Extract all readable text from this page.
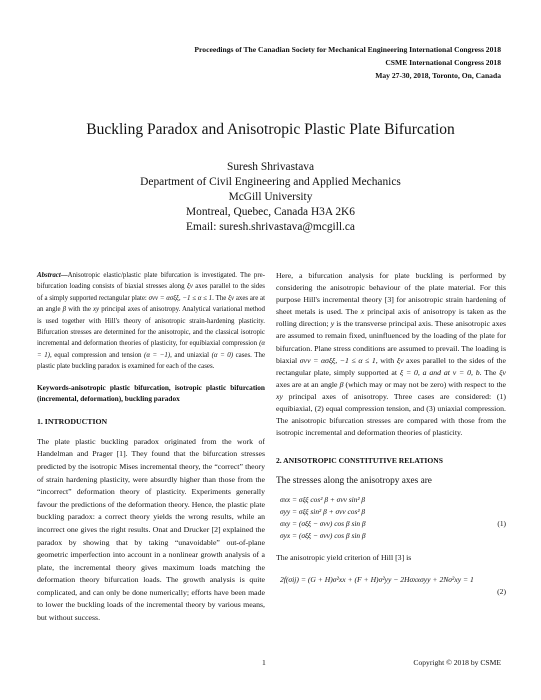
Proceedings of The Canadian Society for Mechanical Engineering International Congress 2018
CSME International Congress 2018
May 27-30, 2018, Toronto, On, Canada
Buckling Paradox and Anisotropic Plastic Plate Bifurcation
Suresh Shrivastava
Department of Civil Engineering and Applied Mechanics
McGill University
Montreal, Quebec, Canada H3A 2K6
Email: suresh.shrivastava@mcgill.ca

Abstract—Anisotropic elastic/plastic plate bifurcation is investigated. The pre-bifurcation loading consists of biaxial stresses along ξν axes parallel to the sides of a simply supported rectangular plate: σνν = ασξξ, −1 ≤ α ≤ 1. The ξν axes are at an angle β with the xy principal axes of anisotropy. Analytical variational method is used together with Hill's theory of anisotropic strain-hardening plasticity. Bifurcation stresses are determined for the anisotropic, and the classical isotropic incremental and deformation theories of plasticity, for equibiaxial compression (α = 1), equal compression and tension (α = −1), and uniaxial (α = 0) cases. The plastic plate buckling paradox is examined for each of the cases.

Keywords-anisotropic plastic bifurcation, isotropic plastic bifurcation (incremental, deformation), buckling paradox

1. INTRODUCTION

The plate plastic buckling paradox originated from the work of Handelman and Prager [1]. They found that the bifurcation stresses predicted by the isotropic Mises incremental theory, the “correct” theory of strain hardening plasticity, were absurdly higher than those from the “incorrect” deformation theory of plasticity. Experiments generally favour the predictions of the deformation theory. Hence, the plastic plate buckling paradox: a correct theory yields the wrong results, while an incorrect one gives the right results. Onat and Drucker [2] explained the paradox by showing that by taking “unavoidable” out-of-plane geometric imperfection into account in a nonlinear growth analysis of a plate, the incremental theory gives maximum loads matching the deformation theory bifurcation loads. The growth analysis is quite complicated, and can only be done numerically; efforts have been made to lower the buckling loads of the incremental theory by various means, but without success.

Here, a bifurcation analysis for plate buckling is performed by considering the anisotropic behaviour of the plate material. For this purpose Hill's incremental theory [3] for anisotropic strain hardening of sheet metals is used. The x principal axis of anisotropy is taken as the rolling direction; y is the transverse principal axis. These anisotropic axes are assumed to remain fixed, uninfluenced by the loading of the plate for bifurcation. Plane stress conditions are assumed to prevail. The loading is biaxial σνν = ασξξ, −1 ≤ α ≤ 1, with ξν axes parallel to the sides of the rectangular plate, simply supported at ξ = 0, a and at ν = 0, b. The ξν axes are at an angle β (which may or may not be zero) with respect to the xy principal axes of anisotropy. Three cases are considered: (1) equibiaxial, (2) equal compression tension, and (3) uniaxial compression. The anisotropic bifurcation stresses are compared with those from the isotropic incremental and deformation theories of plasticity.

2. ANISOTROPIC CONSTITUTIVE RELATIONS

The stresses along the anisotropy axes are

σxx = σξξ cos² β + σνν sin² β
σyy = σξξ sin² β + σνν cos² β
σxy = (σξξ − σνν) cos β sin β	(1)
σyx = (σξξ − σνν) cos β sin β

The anisotropic yield criterion of Hill [3] is

2f(σij) = (G + H)σ²xx + (F + H)σ²yy − 2Hσxxσyy + 2Nσ²xy = 1
(2)
1	Copyright © 2018 by CSME
